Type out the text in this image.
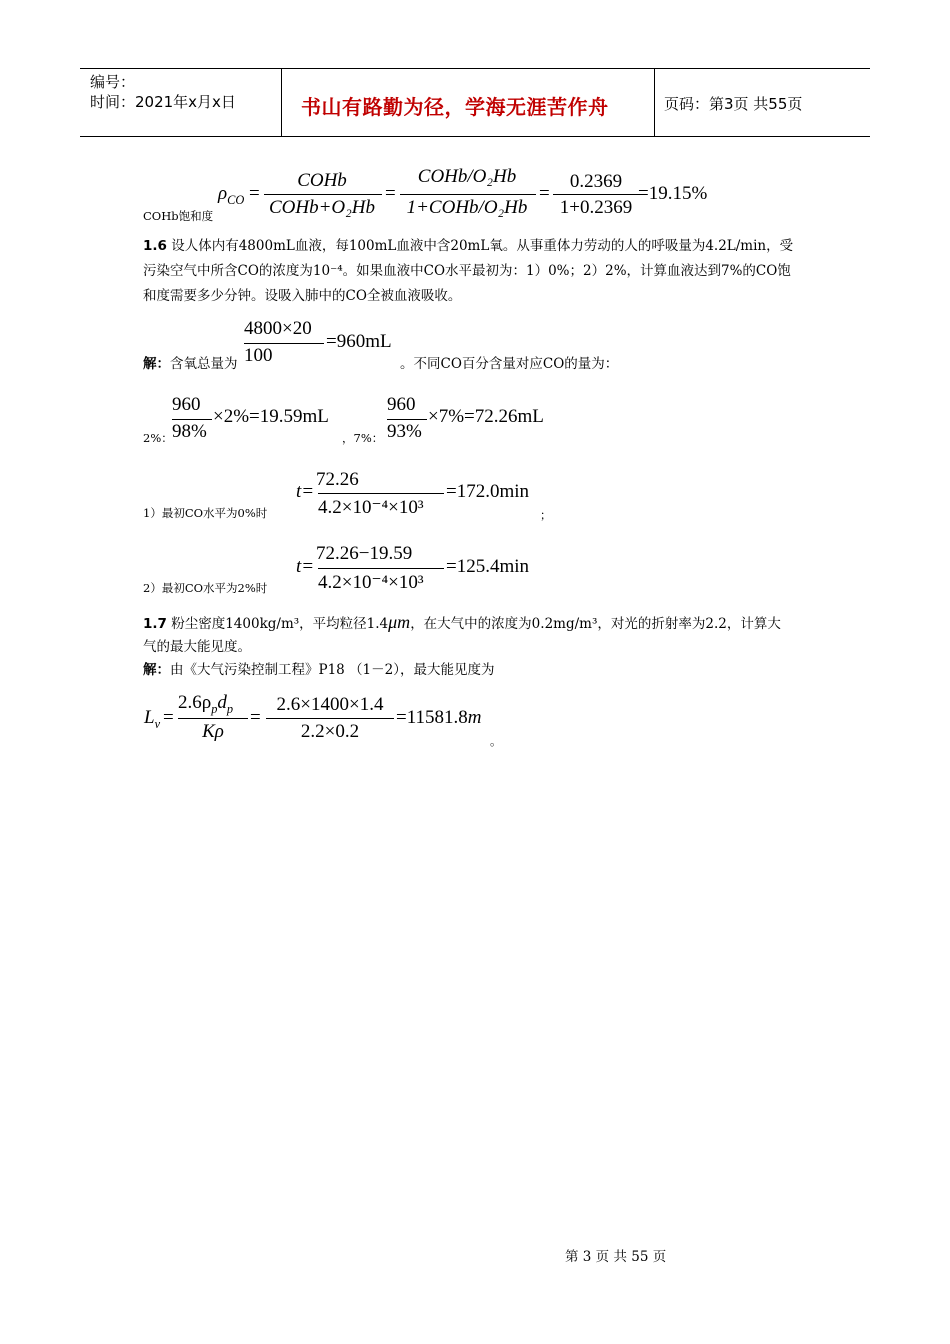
编号：
时间：2021年x月x日	书山有路勤为径，学海无涯苦作舟	页码：第3页 共55页
COHb饱和度
$\rho_{CO}$ =
COHb
COHb+O₂Hb
=
COHb/O₂Hb
1+COHb/O₂Hb
=
0.2369
1+0.2369
=19.15%
1.6 设人体内有4800mL血液，每100mL血液中含20mL氧。从事重体力劳动的人的呼吸量为4.2L/min，受
污染空气中所含CO的浓度为10⁻⁴。如果血液中CO水平最初为：1）0%；2）2%，计算血液达到7%的CO饱
和度需要多少分钟。设吸入肺中的CO全被血液吸收。
解：含氧总量为
4800×20
100
=960mL
。不同CO百分含量对应CO的量为：
2%：
960
98%
×2%=19.59mL
，7%：
960
93%
×7%=72.26mL
1）最初CO水平为0%时
t=
72.26
4.2×10⁻⁴×10³
=172.0min
；
2）最初CO水平为2%时
t=
72.26−19.59
4.2×10⁻⁴×10³
=125.4min
1.7 粉尘密度1400kg/m³，平均粒径1.4μm，在大气中的浓度为0.2mg/m³，对光的折射率为2.2，计算大
气的最大能见度。
解：由《大气污染控制工程》P18 （1－2），最大能见度为
$L_v$ =
$2.6\rho_pd_p$
Kρ
=
2.6×1400×1.4
2.2×0.2
=11581.8m
。
第 3 页 共 55 页
